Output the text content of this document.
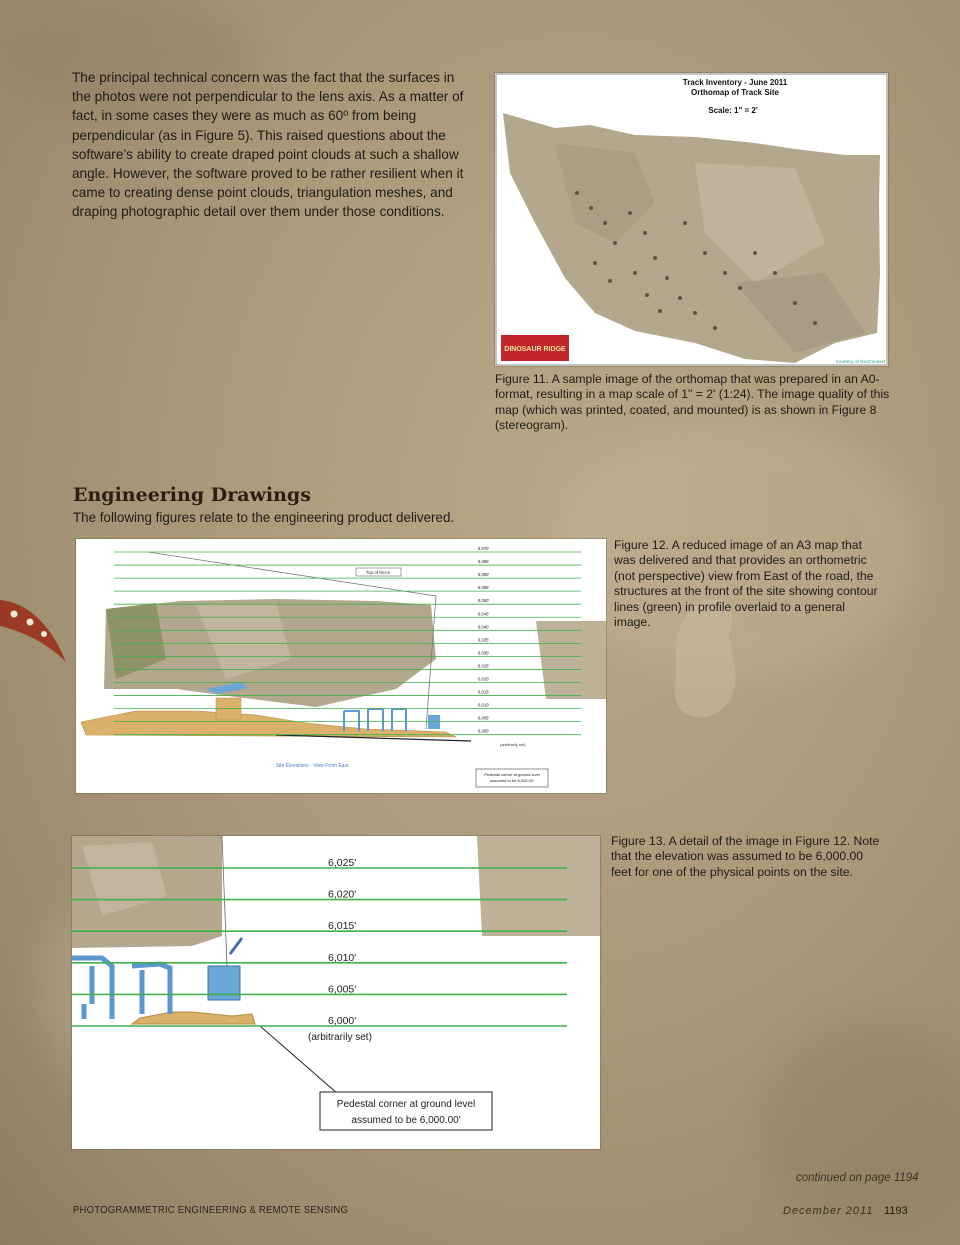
The principal technical concern was the fact that the surfaces in the photos were not perpendicular to the lens axis. As a matter of fact, in some cases they were as much as 60º from being perpendicular (as in Figure 5). This raised questions about the software’s ability to create draped point clouds at such a shallow angle. However, the software proved to be rather resilient when it came to creating dense point clouds, triangulation meshes, and draping photographic detail over them under those conditions.

Track Inventory - June 2011
Orthomap of Track Site
Scale: 1" = 2'
DINOSAUR RIDGE
Courtesy of GeoCounsel

Figure 11. A sample image of the orthomap that was prepared in an A0-format, resulting in a map scale of 1" = 2' (1:24). The image quality of this map (which was printed, coated, and mounted) is as shown in Figure 8 (stereogram).

Engineering Drawings

The following figures relate to the engineering product delivered.

Top of fence
Pedestal corner at ground level
assumed to be 6,000.00'
(arbitrarily set)
Site Elevations - View From East
6,070'
6,065'
6,060'
6,055'
6,050'
6,045'
6,040'
6,035'
6,030'
6,025'
6,020'
6,015'
6,010'
6,005'
6,000'

Figure 12. A reduced image of an A3 map that was delivered and that provides an orthometric (not perspective) view from East of the road, the structures at the front of the site showing contour lines (green) in profile overlaid to a general image.

Pedestal corner at ground level
assumed to be 6,000.00'
(arbitrarily set)
6,025'
6,020'
6,015'
6,010'
6,005'
6,000'

Figure 13. A detail of the image in Figure 12. Note that the elevation was assumed to be 6,000.00 feet for one of the physical points on the site.

continued on page 1194
PHOTOGRAMMETRIC ENGINEERING & REMOTE SENSING	December 2011 1193
